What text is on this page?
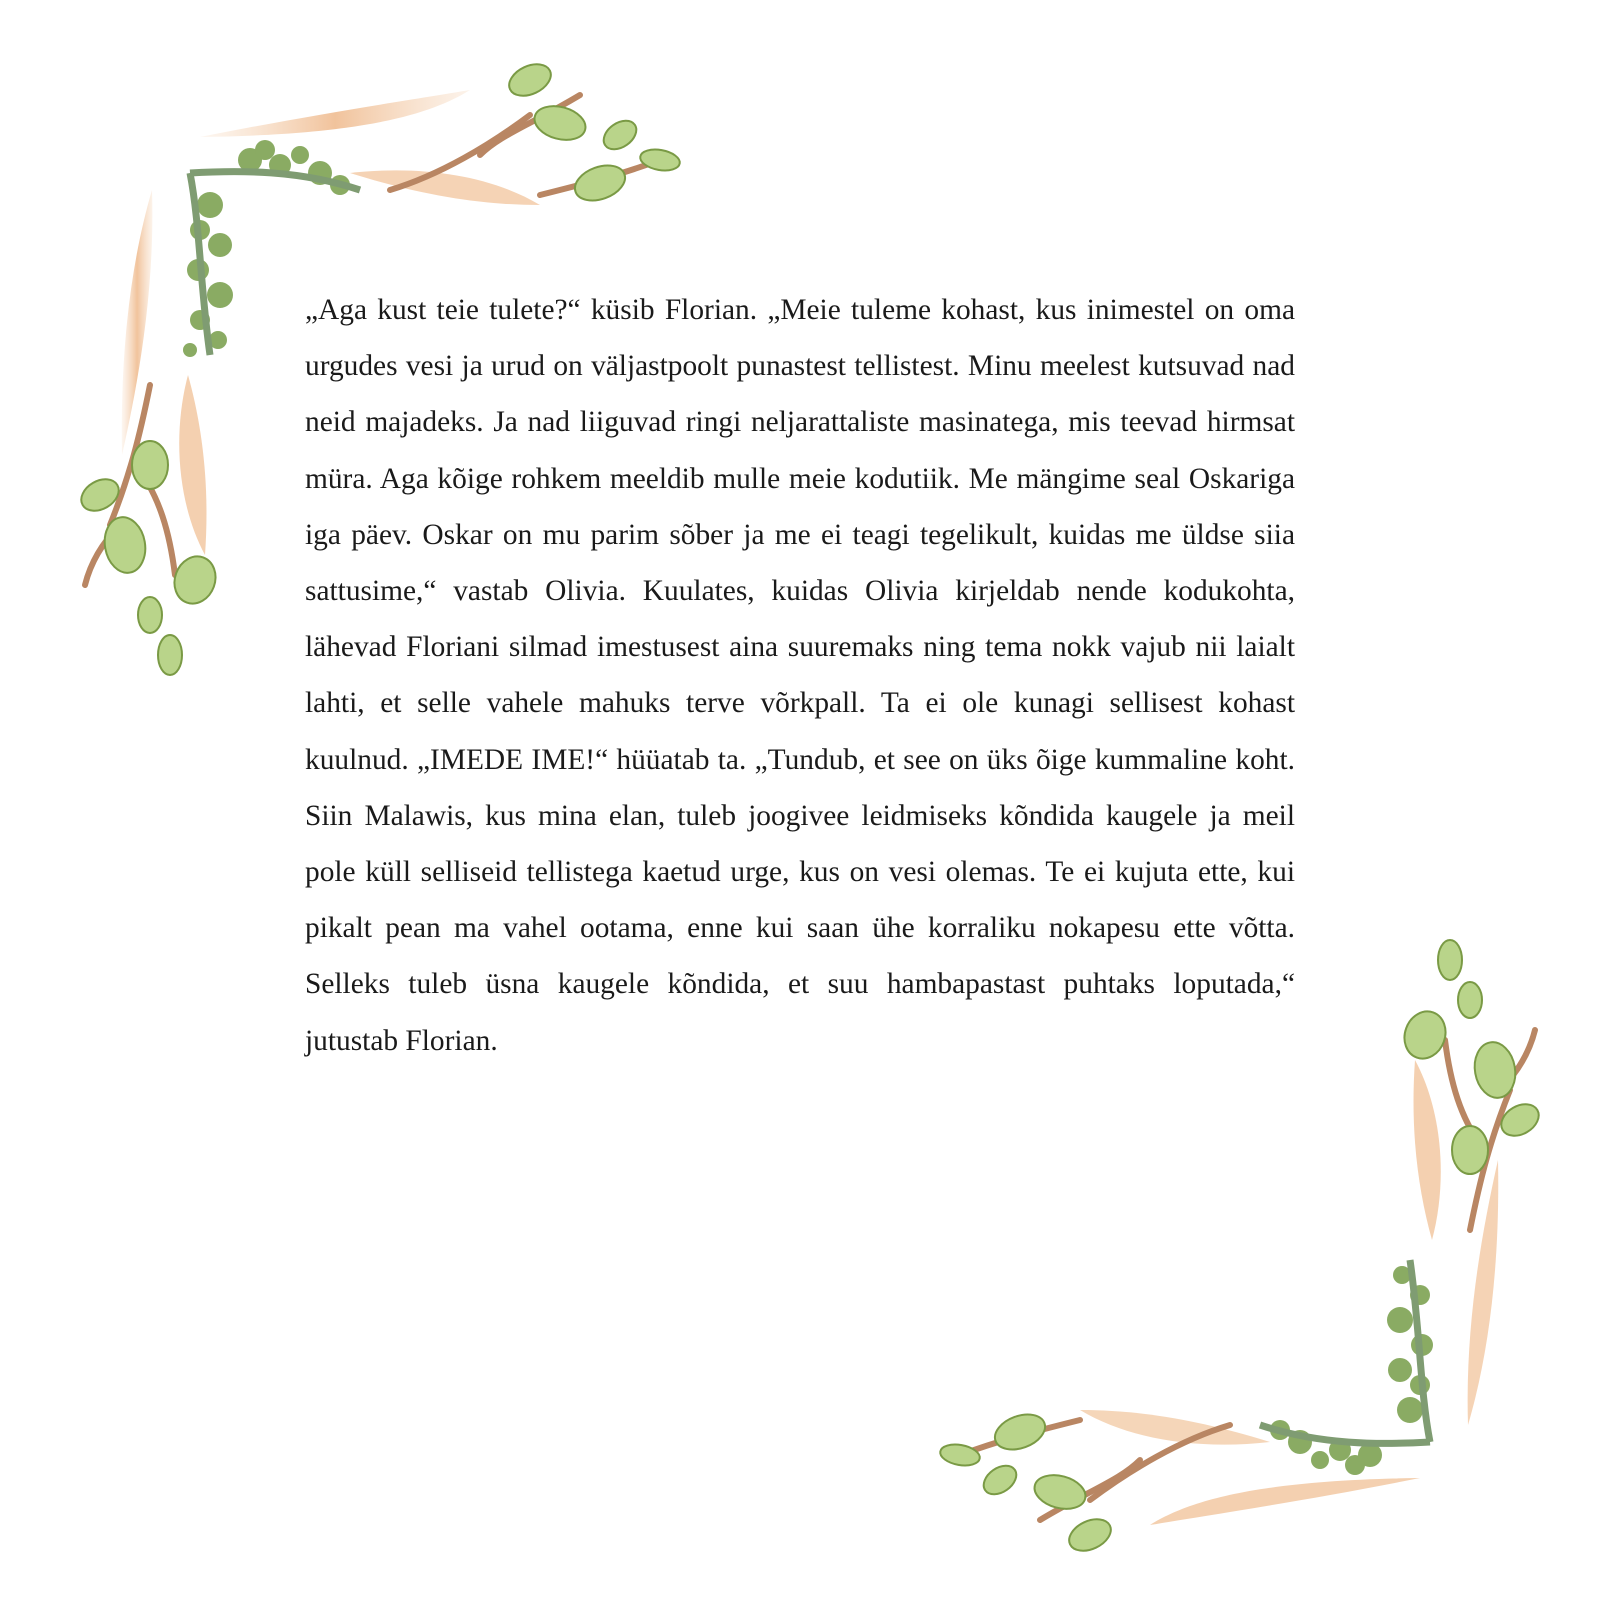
„Aga kust teie tulete?“ küsib Florian. „Meie tuleme kohast, kus inimestel on oma urgudes vesi ja urud on väljastpoolt punastest tellistest. Minu meelest kutsuvad nad neid majadeks. Ja nad liiguvad ringi neljarattaliste masinatega, mis teevad hirmsat müra. Aga kõige rohkem meeldib mulle meie kodutiik. Me mängime seal Oskariga iga päev. Oskar on mu parim sõber ja me ei teagi tegelikult, kuidas me üldse siia sattusime,“ vastab Olivia. Kuulates, kuidas Olivia kirjeldab nende kodukohta, lähevad Floriani silmad imestusest aina suuremaks ning tema nokk vajub nii laialt lahti, et selle vahele mahuks terve võrkpall. Ta ei ole kunagi sellisest kohast kuulnud. „IMEDE IME!“ hüüatab ta. „Tundub, et see on üks õige kummaline koht. Siin Malawis, kus mina elan, tuleb joogivee leidmiseks kõndida kaugele ja meil pole küll selliseid tellistega kaetud urge, kus on vesi olemas. Te ei kujuta ette, kui pikalt pean ma vahel ootama, enne kui saan ühe korraliku nokapesu ette võtta. Selleks tuleb üsna kaugele kõndida, et suu hambapastast puhtaks loputada,“ jutustab Florian.
